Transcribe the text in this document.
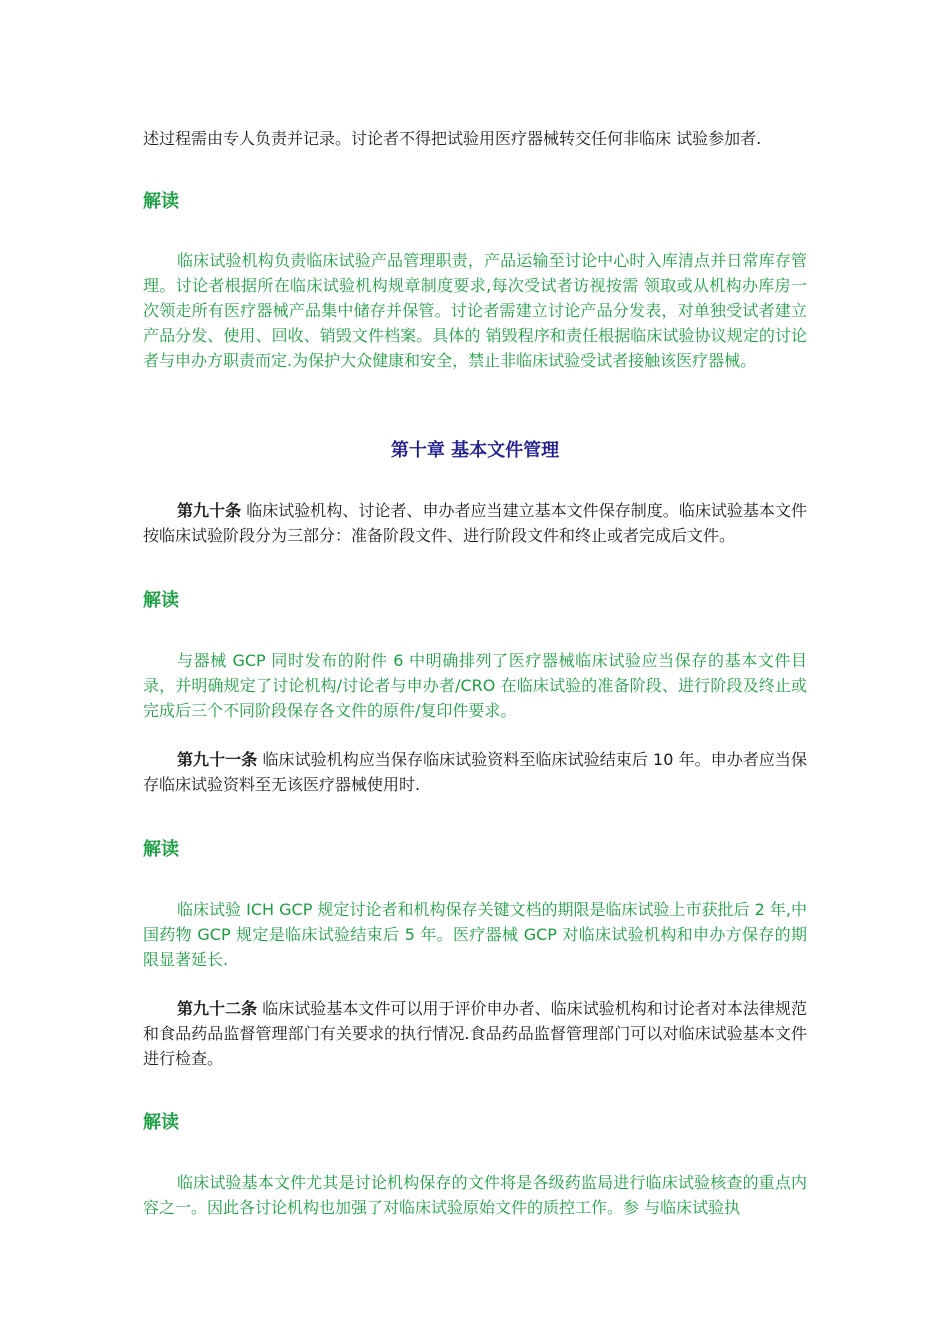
述过程需由专人负责并记录。讨论者不得把试验用医疗器械转交任何非临床 试验参加者.

解读

临床试验机构负责临床试验产品管理职责，产品运输至讨论中心时入库清点并日常库存管理。讨论者根据所在临床试验机构规章制度要求,每次受试者访视按需 领取或从机构办库房一次领走所有医疗器械产品集中储存并保管。讨论者需建立讨论产品分发表，对单独受试者建立产品分发、使用、回收、销毁文件档案。具体的 销毁程序和责任根据临床试验协议规定的讨论者与申办方职责而定.为保护大众健康和安全，禁止非临床试验受试者接触该医疗器械。

第十章 基本文件管理

第九十条 临床试验机构、讨论者、申办者应当建立基本文件保存制度。临床试验基本文件按临床试验阶段分为三部分：准备阶段文件、进行阶段文件和终止或者完成后文件。

解读

与器械 GCP 同时发布的附件 6 中明确排列了医疗器械临床试验应当保存的基本文件目录，并明确规定了讨论机构/讨论者与申办者/CRO 在临床试验的准备阶段、进行阶段及终止或完成后三个不同阶段保存各文件的原件/复印件要求。

第九十一条 临床试验机构应当保存临床试验资料至临床试验结束后 10 年。申办者应当保存临床试验资料至无该医疗器械使用时.

解读

临床试验 ICH GCP 规定讨论者和机构保存关键文档的期限是临床试验上市获批后 2 年,中国药物 GCP 规定是临床试验结束后 5 年。医疗器械 GCP 对临床试验机构和申办方保存的期限显著延长.

第九十二条 临床试验基本文件可以用于评价申办者、临床试验机构和讨论者对本法律规范和食品药品监督管理部门有关要求的执行情况.食品药品监督管理部门可以对临床试验基本文件进行检查。

解读

临床试验基本文件尤其是讨论机构保存的文件将是各级药监局进行临床试验核查的重点内容之一。因此各讨论机构也加强了对临床试验原始文件的质控工作。参 与临床试验执
